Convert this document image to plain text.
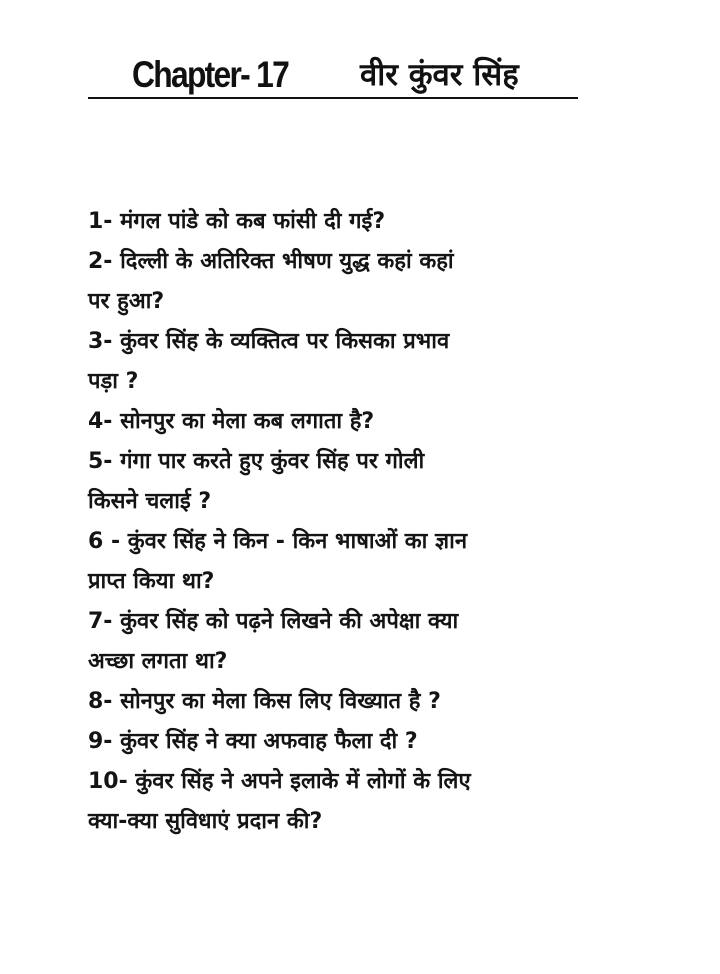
Chapter- 17 वीर कुंवर सिंह
1- मंगल पांडे को कब फांसी दी गई?
2- दिल्ली के अतिरिक्त भीषण युद्ध कहां कहां
पर हुआ?
3- कुंवर सिंह के व्यक्तित्व पर किसका प्रभाव
पड़ा ?
4- सोनपुर का मेला कब लगाता है?
5- गंगा पार करते हुए कुंवर सिंह पर गोली
किसने चलाई ?
6 - कुंवर सिंह ने किन - किन भाषाओं का ज्ञान
प्राप्त किया था?
7- कुंवर सिंह को पढ़ने लिखने की अपेक्षा क्या
अच्छा लगता था?
8- सोनपुर का मेला किस लिए विख्यात है ?
9- कुंवर सिंह ने क्या अफवाह फैला दी ?
10- कुंवर सिंह ने अपने इलाके में लोगों के लिए
क्या-क्या सुविधाएं प्रदान की?
